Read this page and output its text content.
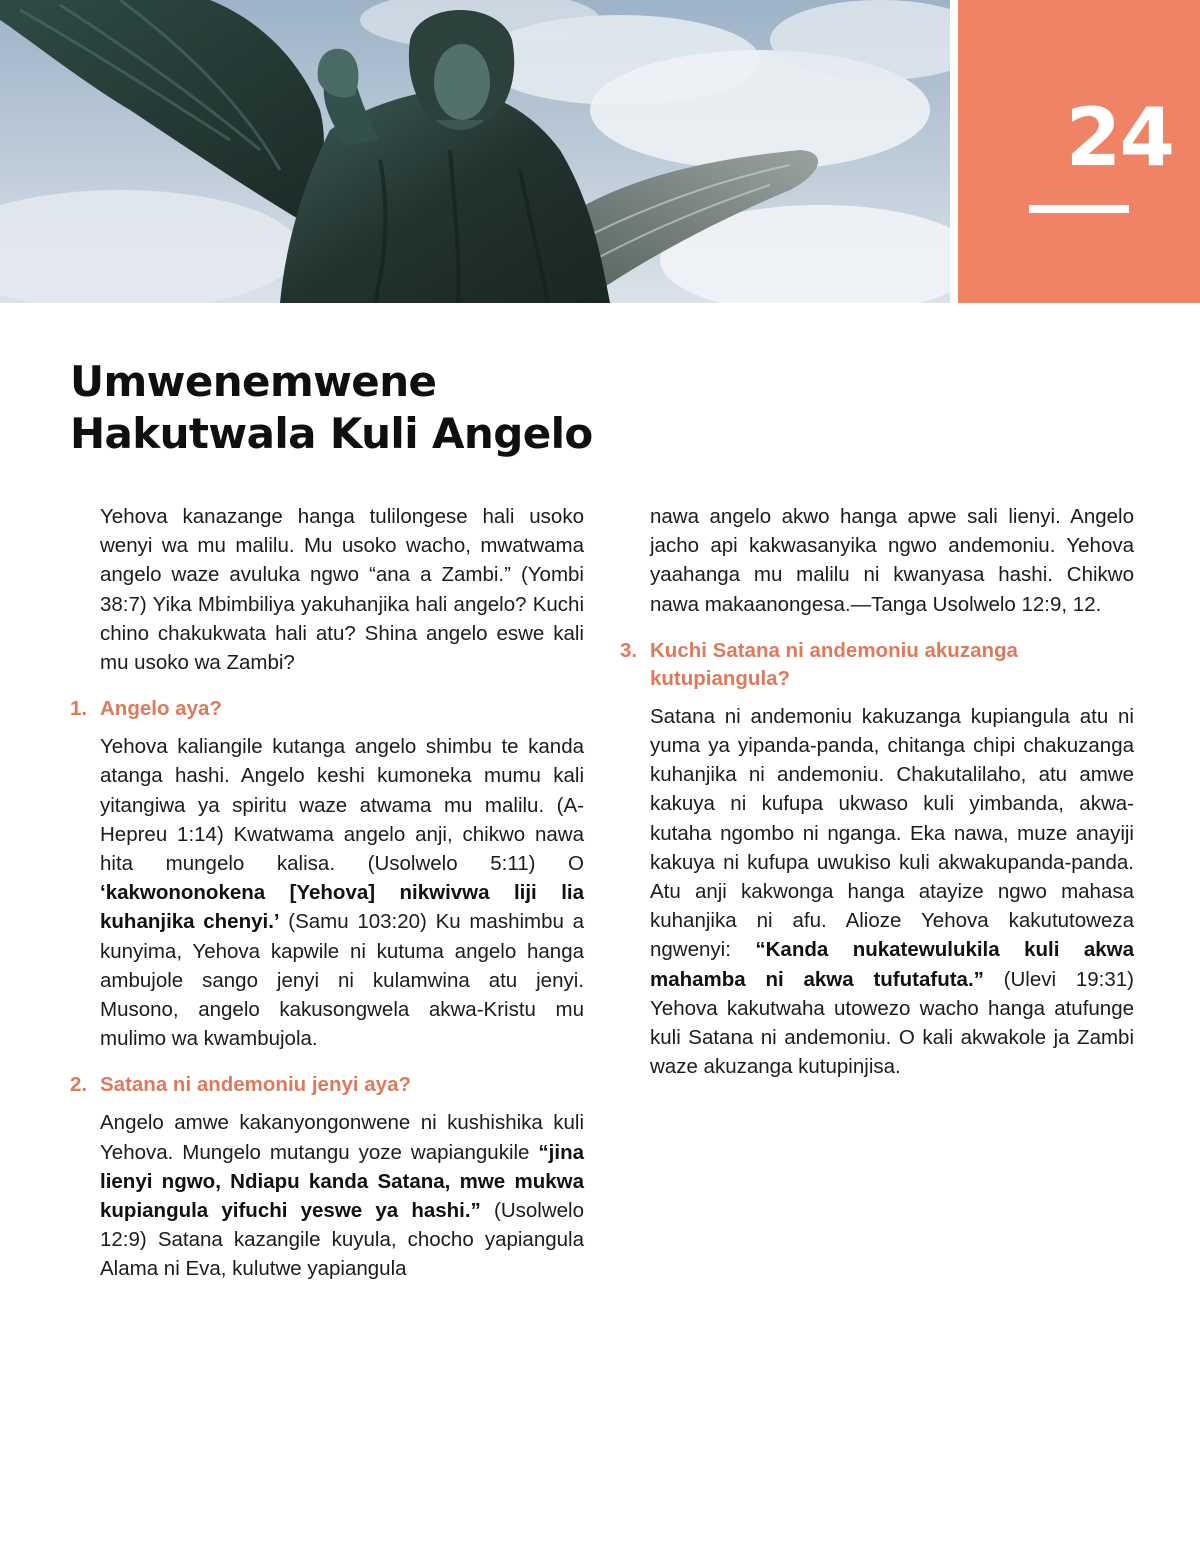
24
Umwenemwene
Hakutwala Kuli Angelo

Yehova kanazange hanga tulilongese hali usoko wenyi wa mu malilu. Mu usoko wacho, mwatwama angelo waze avuluka ngwo “ana a Zambi.” (Yombi 38:7) Yika Mbimbiliya yakuhanjika hali angelo? Kuchi chino chakukwata hali atu? Shina angelo eswe kali mu usoko wa Zambi?

1. Angelo aya?

Yehova kaliangile kutanga angelo shimbu te kanda atanga hashi. Angelo keshi kumoneka mumu kali yitangiwa ya spiritu waze atwama mu malilu. (A-Hepreu 1:14) Kwatwama angelo anji, chikwo nawa hita mungelo kalisa. (Usolwelo 5:11) O ‘kakwononokena [Yehova] nikwivwa liji lia kuhanjika chenyi.’ (Samu 103:20) Ku mashimbu a kunyima, Yehova kapwile ni kutuma angelo hanga ambujole sango jenyi ni kulamwina atu jenyi. Musono, angelo kakusongwela akwa-Kristu mu mulimo wa kwambujola.

2. Satana ni andemoniu jenyi aya?

Angelo amwe kakanyongonwene ni kushishika kuli Yehova. Mungelo mutangu yoze wapiangukile “jina lienyi ngwo, Ndiapu kanda Satana, mwe mukwa kupiangula yifuchi yeswe ya hashi.” (Usolwelo 12:9) Satana kazangile kuyula, chocho yapiangula Alama ni Eva, kulutwe yapiangula

nawa angelo akwo hanga apwe sali lienyi. Angelo jacho api kakwasanyika ngwo andemoniu. Yehova yaahanga mu malilu ni kwanyasa hashi. Chikwo nawa makaanongesa.—Tanga Usolwelo 12:9, 12.

3. Kuchi Satana ni andemoniu akuzanga kutupiangula?

Satana ni andemoniu kakuzanga kupiangula atu ni yuma ya yipanda-panda, chitanga chipi chakuzanga kuhanjika ni andemoniu. Chakutalilaho, atu amwe kakuya ni kufupa ukwaso kuli yimbanda, akwa-kutaha ngombo ni nganga. Eka nawa, muze anayiji kakuya ni kufupa uwukiso kuli akwakupanda-panda. Atu anji kakwonga hanga atayize ngwo mahasa kuhanjika ni afu. Alioze Yehova kakututoweza ngwenyi: “Kanda nukatewulukila kuli akwa mahamba ni akwa tufutafuta.” (Ulevi 19:31) Yehova kakutwaha utowezo wacho hanga atufunge kuli Satana ni andemoniu. O kali akwakole ja Zambi waze akuzanga kutupinjisa.
